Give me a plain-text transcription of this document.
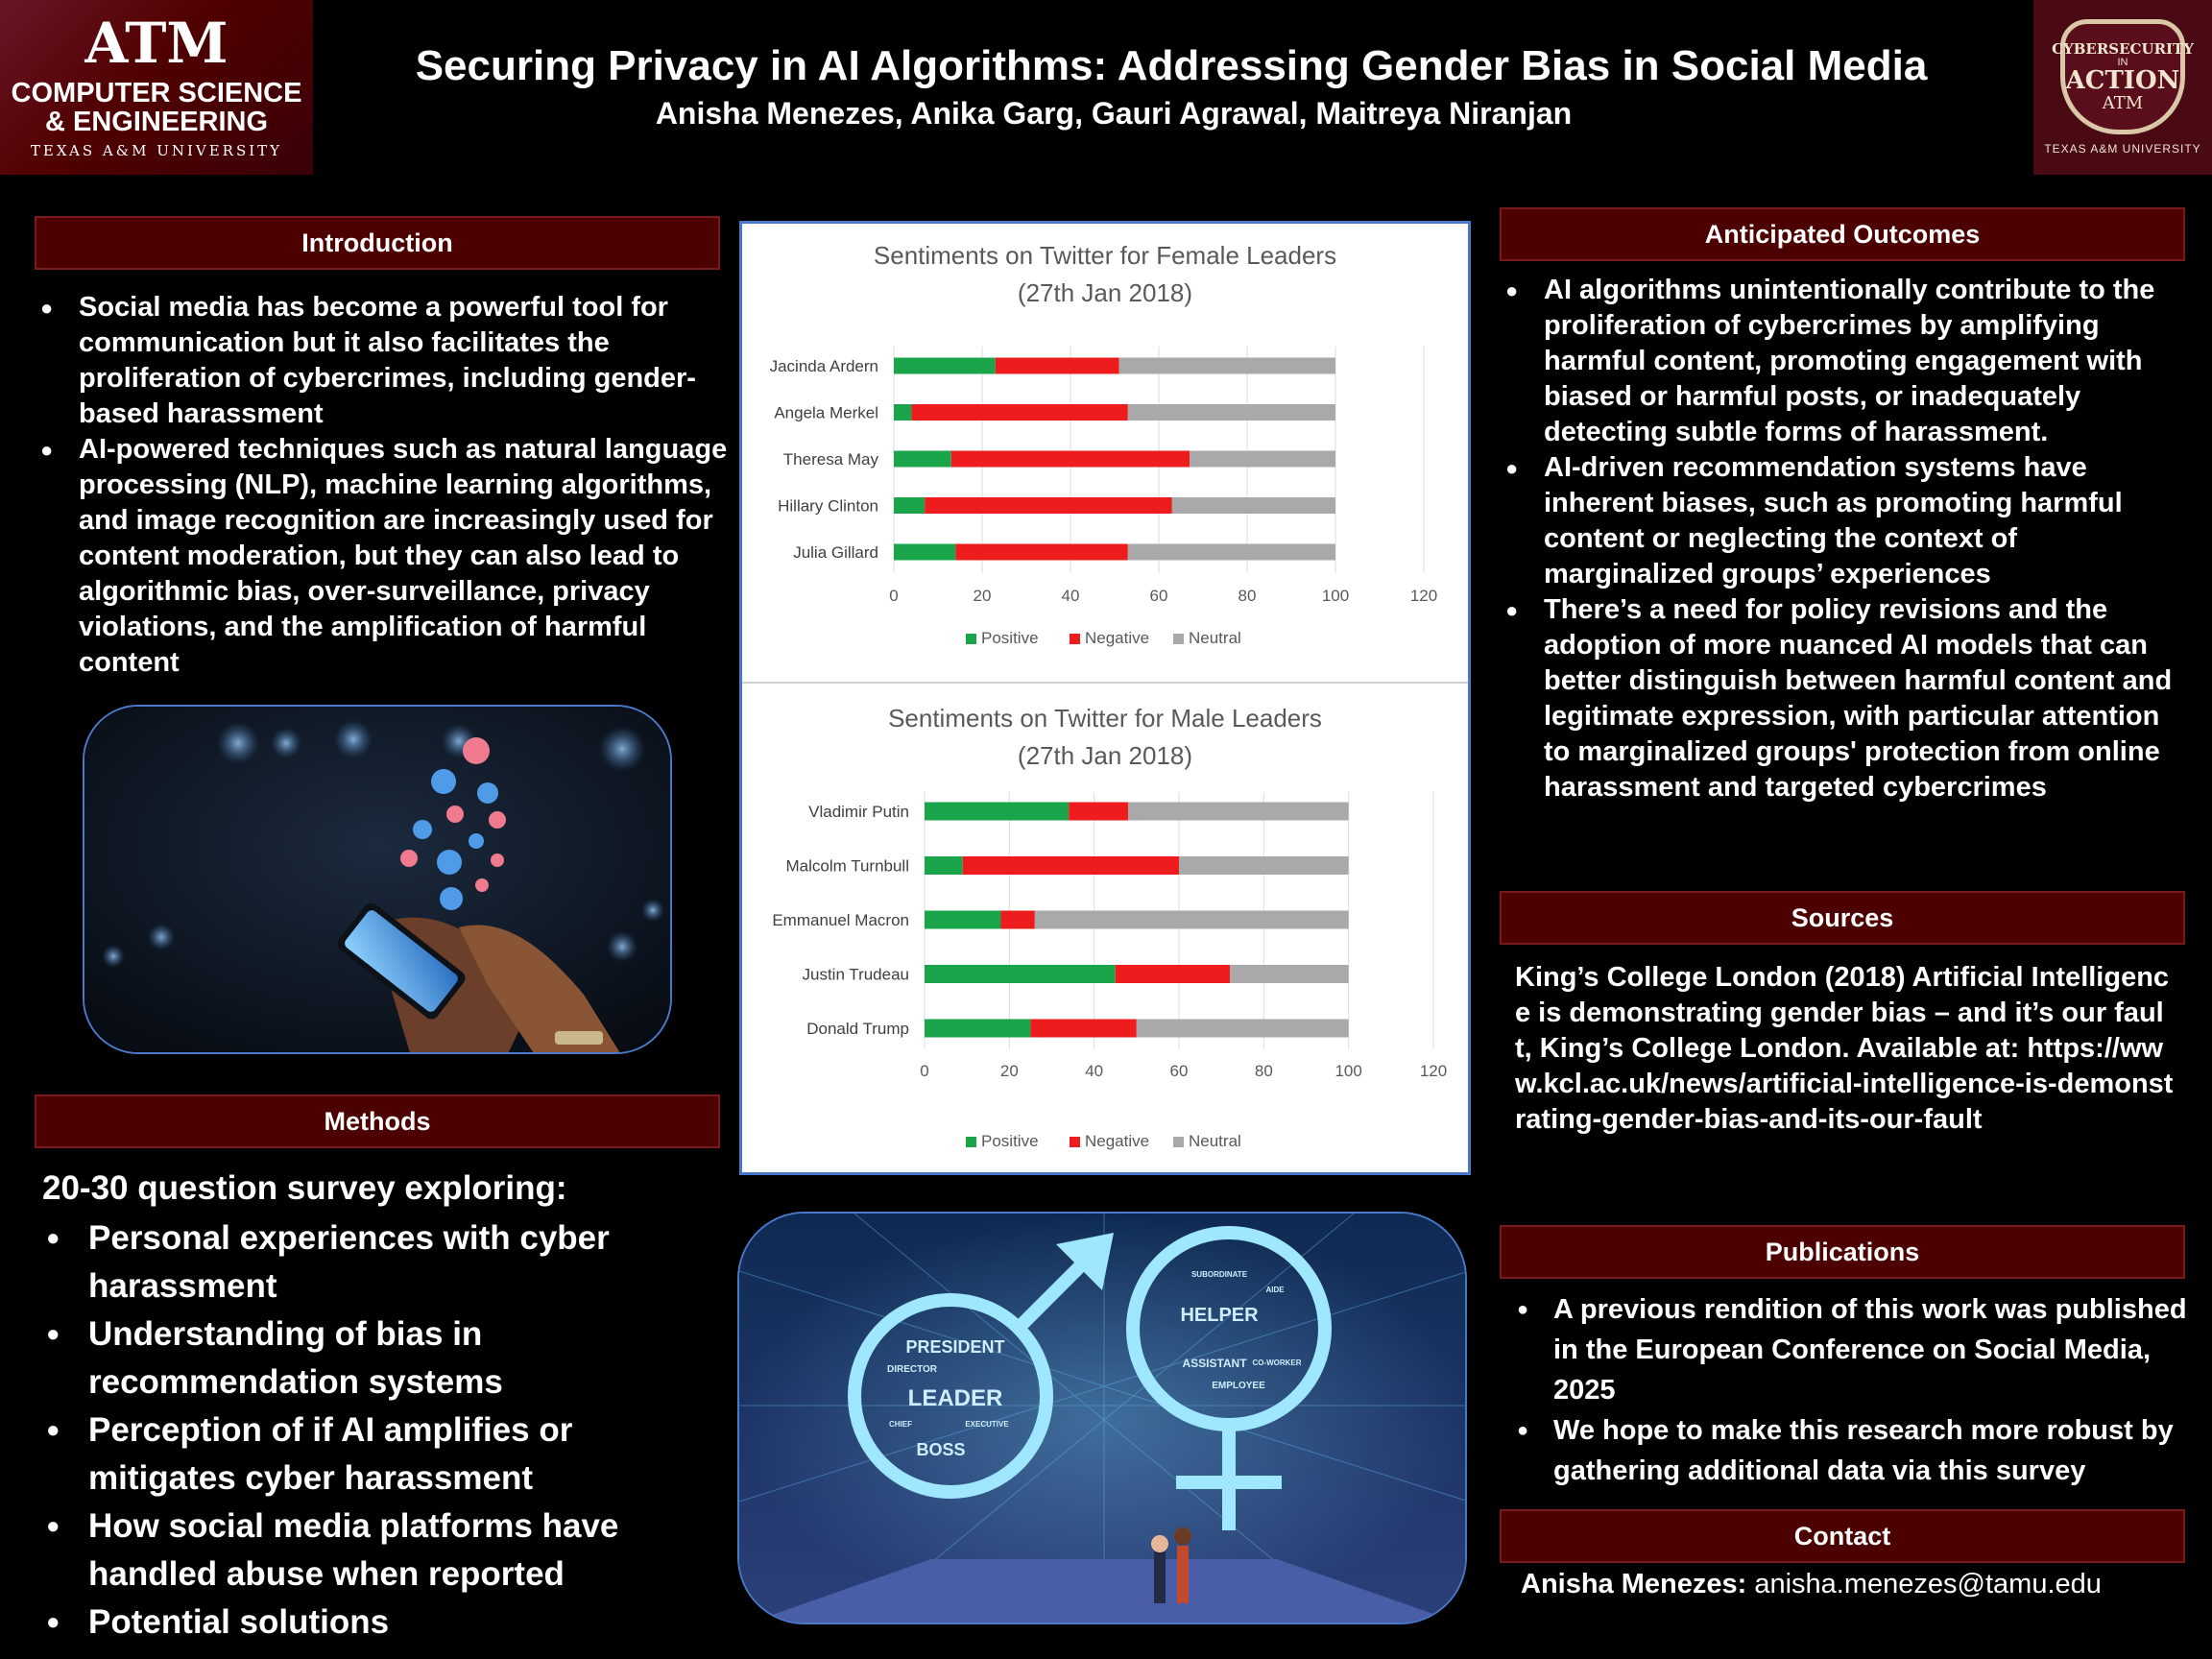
ATM
COMPUTER SCIENCE
& ENGINEERING
TEXAS A&M UNIVERSITY
CYBERSECURITY
IN
ACTION
ATM
TEXAS A&M UNIVERSITY
Securing Privacy in AI Algorithms: Addressing Gender Bias in Social Media
Anisha Menezes, Anika Garg, Gauri Agrawal, Maitreya Niranjan
Introduction
● Social media has become a powerful tool for communication but it also facilitates the proliferation of cybercrimes, including gender-based harassment
● AI-powered techniques such as natural language processing (NLP), machine learning algorithms, and image recognition are increasingly used for content moderation, but they can also lead to algorithmic bias, over-surveillance, privacy violations, and the amplification of harmful content
Methods
20-30 question survey exploring:
● Personal experiences with cyber harassment
● Understanding of bias in recommendation systems
● Perception of if AI amplifies or mitigates cyber harassment
● How social media platforms have handled abuse when reported
● Potential solutions
Sentiments on Twitter for Female Leaders
(27th Jan 2018)
0	20	40	60	80	100	120
Jacinda Ardern
Angela Merkel
Theresa May
Hillary Clinton
Julia Gillard
Positive	Negative Neutral
Sentiments on Twitter for Male Leaders
(27th Jan 2018)
0	20	40	60	80	100	120
Vladimir Putin
Malcolm Turnbull
Emmanuel Macron
Justin Trudeau
Donald Trump
Positive	Negative Neutral
PRESIDENT
DIRECTOR
LEADER
CHIEF	EXECUTIVE
BOSS
SUBORDINATE
AIDE
HELPER
ASSISTANT CO-WORKER
EMPLOYEE
Anticipated Outcomes
● AI algorithms unintentionally contribute to the proliferation of cybercrimes by amplifying harmful content, promoting engagement with biased or harmful posts, or inadequately detecting subtle forms of harassment.
● AI-driven recommendation systems have inherent biases, such as promoting harmful content or neglecting the context of marginalized groups’ experiences
● There’s a need for policy revisions and the adoption of more nuanced AI models that can better distinguish between harmful content and legitimate expression, with particular attention to marginalized groups' protection from online harassment and targeted cybercrimes
Sources
King’s College London (2018) Artificial Intelligence is demonstrating gender bias – and it’s our fault, King’s College London. Available at: https://www.kcl.ac.uk/news/artificial-intelligence-is-demonstrating-gender-bias-and-its-our-fault
Publications
● A previous rendition of this work was published in the European Conference on Social Media, 2025
● We hope to make this research more robust by gathering additional data via this survey
Contact
Anisha Menezes: anisha.menezes@tamu.edu
